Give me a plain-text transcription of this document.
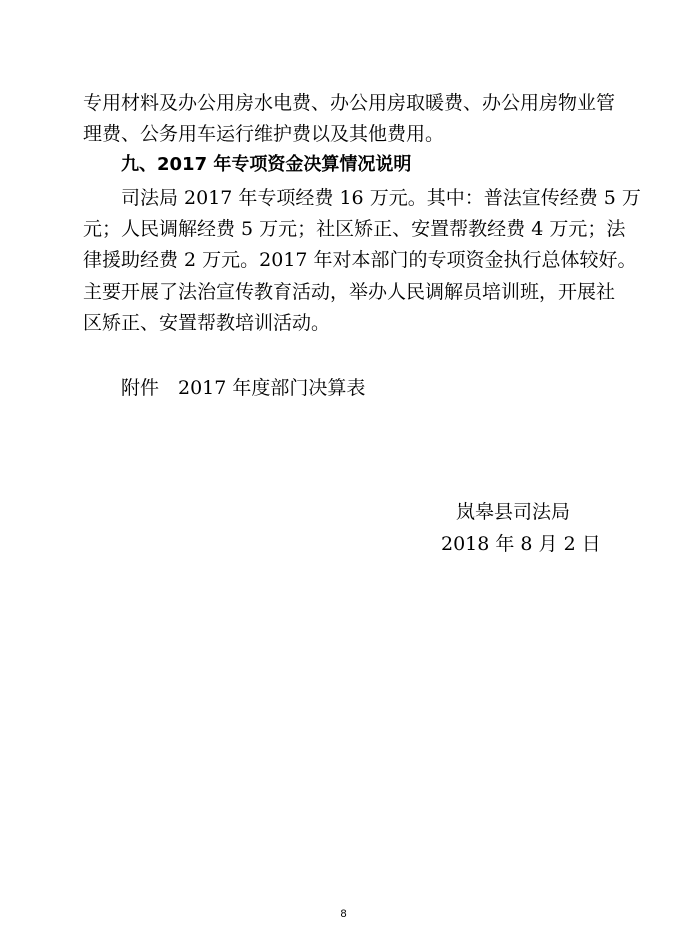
专用材料及办公用房水电费、办公用房取暖费、办公用房物业管
理费、公务用车运行维护费以及其他费用。
九、2017 年专项资金决算情况说明
司法局 2017 年专项经费 16 万元。其中：普法宣传经费 5 万
元；人民调解经费 5 万元；社区矫正、安置帮教经费 4 万元；法
律援助经费 2 万元。2017 年对本部门的专项资金执行总体较好。
主要开展了法治宣传教育活动，举办人民调解员培训班，开展社
区矫正、安置帮教培训活动。
附件　2017 年度部门决算表
岚皋县司法局
2018 年 8 月 2 日
8
